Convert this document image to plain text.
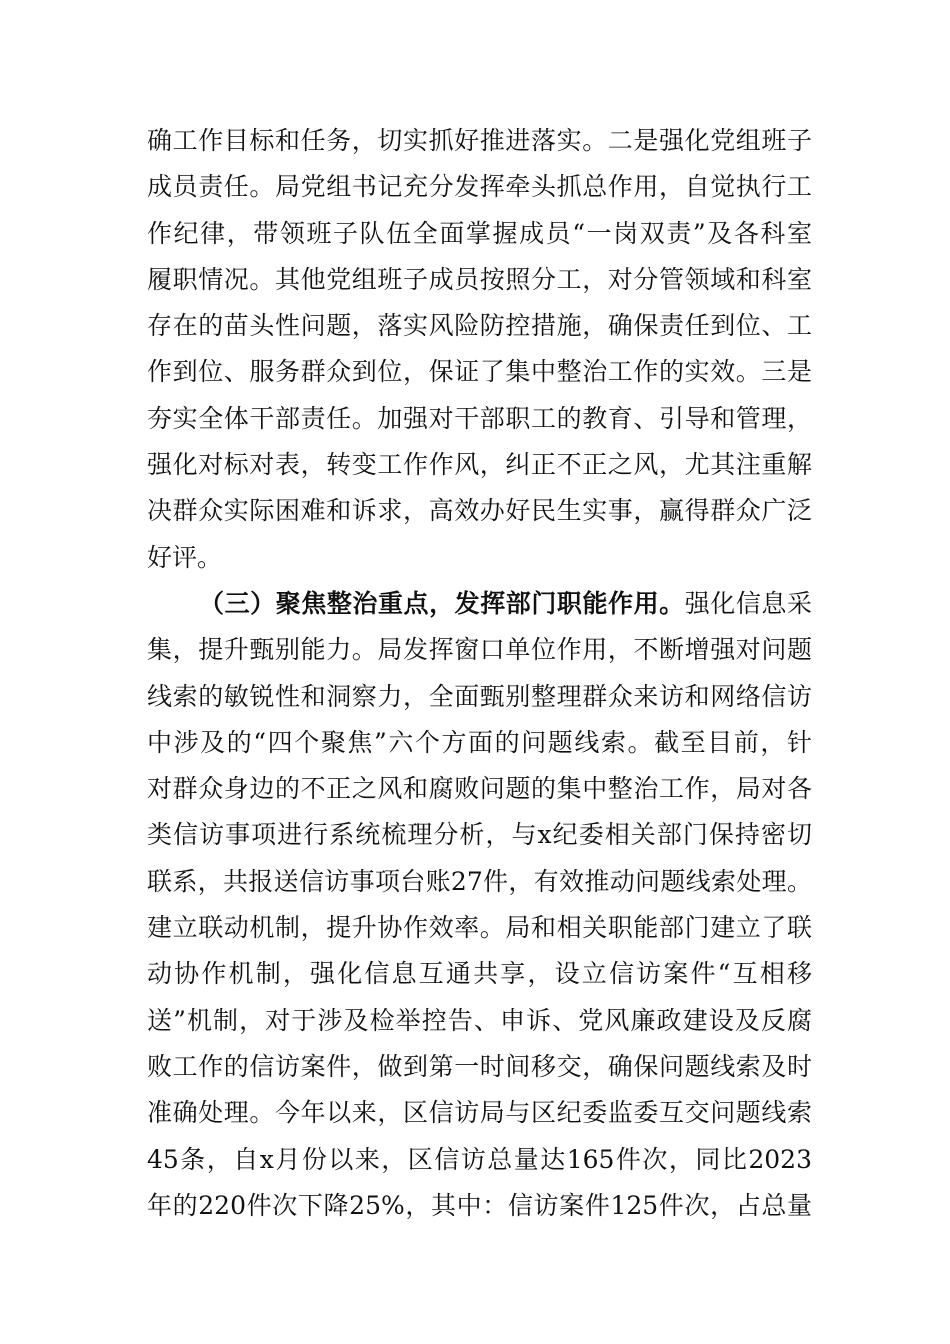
确工作目标和任务，切实抓好推进落实。二是强化党组班子
成员责任。局党组书记充分发挥牵头抓总作用，自觉执行工
作纪律，带领班子队伍全面掌握成员“一岗双责”及各科室
履职情况。其他党组班子成员按照分工，对分管领域和科室
存在的苗头性问题，落实风险防控措施，确保责任到位、工
作到位、服务群众到位，保证了集中整治工作的实效。三是
夯实全体干部责任。加强对干部职工的教育、引导和管理，
强化对标对表，转变工作作风，纠正不正之风，尤其注重解
决群众实际困难和诉求，高效办好民生实事，赢得群众广泛
好评。
（三）聚焦整治重点，发挥部门职能作用。强化信息采
集，提升甄别能力。局发挥窗口单位作用，不断增强对问题
线索的敏锐性和洞察力，全面甄别整理群众来访和网络信访
中涉及的“四个聚焦”六个方面的问题线索。截至目前，针
对群众身边的不正之风和腐败问题的集中整治工作，局对各
类信访事项进行系统梳理分析，与x纪委相关部门保持密切
联系，共报送信访事项台账27件，有效推动问题线索处理。
建立联动机制，提升协作效率。局和相关职能部门建立了联
动协作机制，强化信息互通共享，设立信访案件“互相移
送”机制，对于涉及检举控告、申诉、党风廉政建设及反腐
败工作的信访案件，做到第一时间移交，确保问题线索及时
准确处理。今年以来，区信访局与区纪委监委互交问题线索
45条，自x月份以来，区信访总量达165件次，同比2023
年的220件次下降25%，其中：信访案件125件次，占总量
